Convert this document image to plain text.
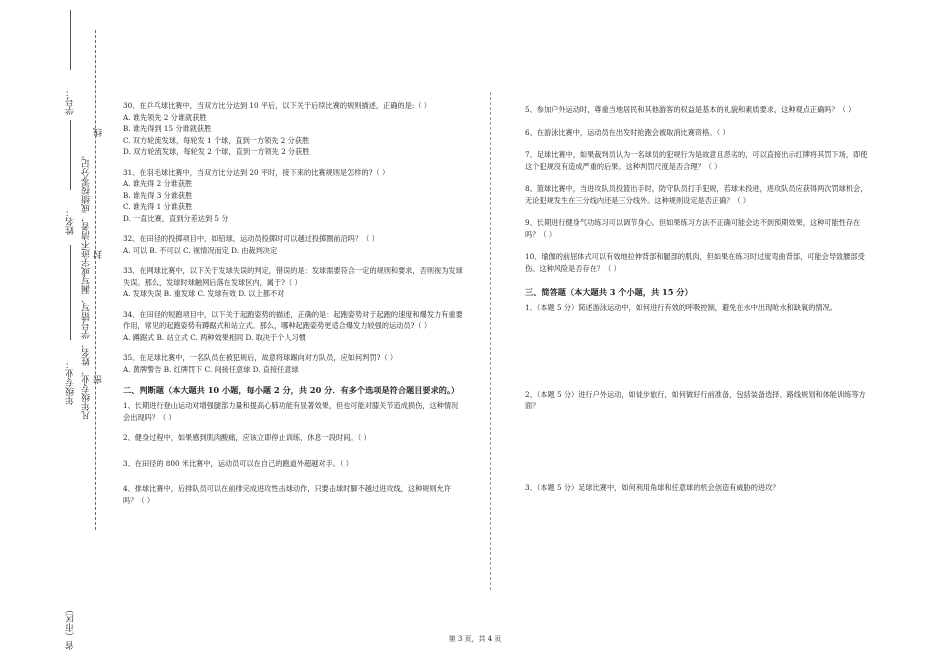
省（市区）
年级专业：
姓名：
学号：
凡年级专业、姓名、学号错写、漏写或字迹不清者，成绩按零分记。
线
封
密
30、在乒乓球比赛中，当双方比分达到 10 平后，以下关于后续比赛的规则描述，正确的是:（ ）
A. 谁先领先 2 分谁就获胜
B. 谁先得到 15 分谁就获胜
C. 双方轮流发球，每轮发 1 个球，直到一方领先 2 分获胜
D. 双方轮流发球，每轮发 2 个球，直到一方领先 2 分获胜
31、在羽毛球比赛中，当双方比分达到 20 平时，接下来的比赛规则是怎样的?（ ）
A. 谁先得 2 分谁获胜
B. 谁先得 3 分谁获胜
C. 谁先得 1 分谁获胜
D. 一直比赛，直到分差达到 5 分
32、在田径的投掷项目中，如铅球，运动员投掷时可以越过投掷圈前沿吗？（ ）
A. 可以 B. 不可以 C. 视情况而定 D. 由裁判决定
33、在网球比赛中，以下关于发球失误的判定，错误的是：发球需要符合一定的规则和要求，否则视为发球失误。那么，发球时球触网后落在发球区内，属于?（ ）
A. 发球失误 B. 重发球 C. 发球有效 D. 以上都不对
34、在田径的短跑项目中，以下关于起跑姿势的描述，正确的是：起跑姿势对于起跑的速度和爆发力有重要作用，常见的起跑姿势有蹲踞式和站立式。那么，哪种起跑姿势更适合爆发力较强的运动员?（ ）
A. 蹲踞式 B. 站立式 C. 两种效果相同 D. 取决于个人习惯
35、在足球比赛中，一名队员在被犯规后，故意将球踢向对方队员，应如何判罚?（ ）
A. 黄牌警告 B. 红牌罚下 C. 间接任意球 D. 直接任意球
二、判断题（本大题共 10 小题，每小题 2 分，共 20 分．有多个选项是符合题目要求的。）
1、长期进行登山运动对增强腿部力量和提高心肺功能有显著效果，但也可能对膝关节造成损伤，这种情况会出现吗？（ ）
2、健身过程中，如果感到肌肉酸痛，应该立即停止训练，休息一段时间。（ ）
3、在田径的 800 米比赛中，运动员可以在自己的跑道外超越对手。（ ）
4、排球比赛中，后排队员可以在前排完成进攻性击球动作，只要击球时脚不越过进攻线，这种规则允许吗？（ ）
5、参加户外运动时，尊重当地居民和其他游客的权益是基本的礼貌和素质要求，这种观点正确吗？（ ）
6、在游泳比赛中，运动员在出发时抢跑会被取消比赛资格。（ ）
7、足球比赛中，如果裁判员认为一名球员的犯规行为是故意且恶劣的，可以直接出示红牌将其罚下场，即使这个犯规没有造成严重的后果。这种判罚尺度是否合理？（ ）
8、篮球比赛中，当进攻队员投篮出手时，防守队员打手犯规，若球未投进，进攻队员应获得两次罚球机会，无论犯规发生在三分线内还是三分线外。这种规则设定是否正确？（ ）
9、长期进行健身气功练习可以调节身心。但如果练习方法不正确可能会达不到预期效果，这种可能性存在吗？（ ）
10、瑜伽的前屈体式可以有效地拉伸背部和腿部的肌肉，但如果在练习时过度弯曲背部，可能会导致腰部受伤。这种风险是否存在？（ ）
三、简答题（本大题共 3 个小题，共 15 分）
1、（本题 5 分）简述游泳运动中，如何进行有效的呼吸控制，避免在水中出现呛水和缺氧的情况。
2、（本题 5 分）进行户外运动，如徒步旅行，如何做好行前准备，包括装备选择、路线规划和体能训练等方面？
3、（本题 5 分）足球比赛中，如何利用角球和任意球的机会创造有威胁的进攻？
第 3 页，共 4 页
